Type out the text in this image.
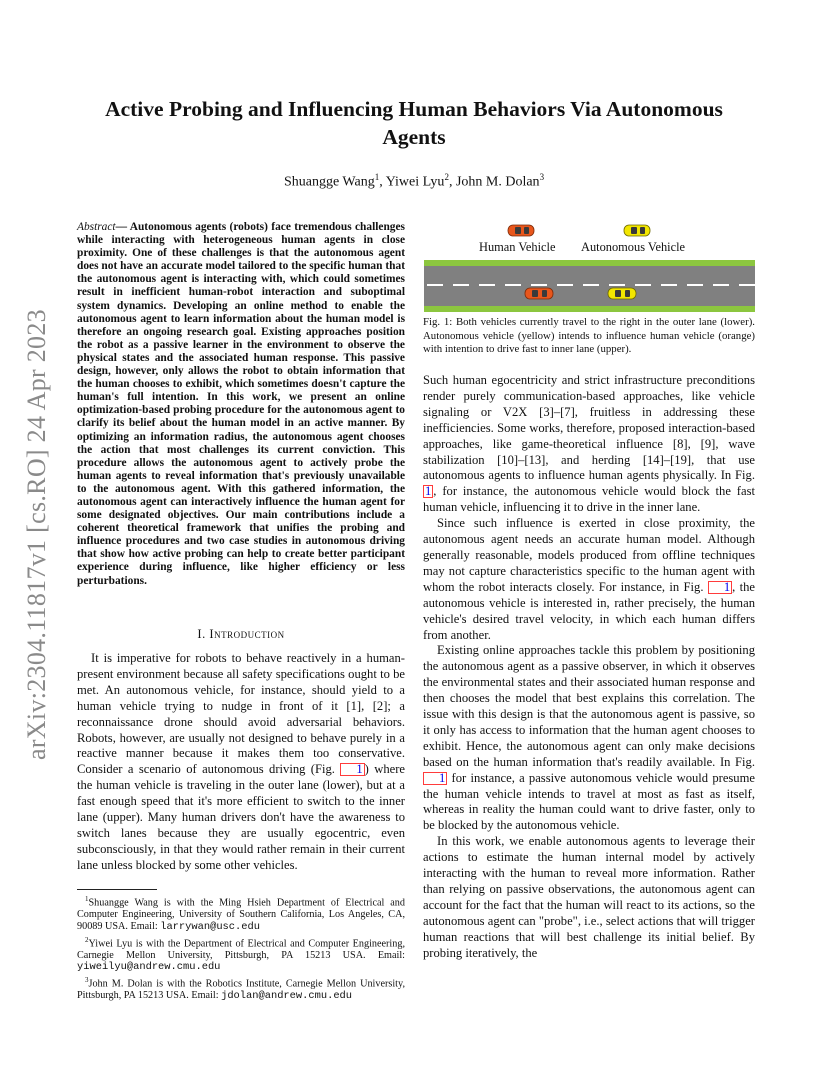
arXiv:2304.11817v1 [cs.RO] 24 Apr 2023
Active Probing and Influencing Human Behaviors Via Autonomous Agents
Shuangge Wang$^1$, Yiwei Lyu$^2$, John M. Dolan$^3$
Abstract— Autonomous agents (robots) face tremendous challenges while interacting with heterogeneous human agents in close proximity. One of these challenges is that the autonomous agent does not have an accurate model tailored to the specific human that the autonomous agent is interacting with, which could sometimes result in inefficient human-robot interaction and suboptimal system dynamics. Developing an online method to enable the autonomous agent to learn information about the human model is therefore an ongoing research goal. Existing approaches position the robot as a passive learner in the environment to observe the physical states and the associated human response. This passive design, however, only allows the robot to obtain information that the human chooses to exhibit, which sometimes doesn't capture the human's full intention. In this work, we present an online optimization-based probing procedure for the autonomous agent to clarify its belief about the human model in an active manner. By optimizing an information radius, the autonomous agent chooses the action that most challenges its current conviction. This procedure allows the autonomous agent to actively probe the human agents to reveal information that's previously unavailable to the autonomous agent. With this gathered information, the autonomous agent can interactively influence the human agent for some designated objectives. Our main contributions include a coherent theoretical framework that unifies the probing and influence procedures and two case studies in autonomous driving that show how active probing can help to create better participant experience during influence, like higher efficiency or less perturbations.
I. Introduction

It is imperative for robots to behave reactively in a human-present environment because all safety specifications ought to be met. An autonomous vehicle, for instance, should yield to a human vehicle trying to nudge in front of it [1], [2]; a reconnaissance drone should avoid adversarial behaviors. Robots, however, are usually not designed to behave purely in a reactive manner because it makes them too conservative. Consider a scenario of autonomous driving (Fig. 1 ) where the human vehicle is traveling in the outer lane (lower), but at a fast enough speed that it's more efficient to switch to the inner lane (upper). Many human drivers don't have the awareness to switch lanes because they are usually egocentric, even subconsciously, in that they would rather remain in their current lane unless blocked by some other vehicles.

$^1$Shuangge Wang is with the Ming Hsieh Department of Electrical and Computer Engineering, University of Southern California, Los Angeles, CA, 90089 USA. Email: larrywan@usc.edu

$^2$Yiwei Lyu is with the Department of Electrical and Computer Engineering, Carnegie Mellon University, Pittsburgh, PA 15213 USA. Email: yiweilyu@andrew.cmu.edu

$^3$John M. Dolan is with the Robotics Institute, Carnegie Mellon University, Pittsburgh, PA 15213 USA. Email: jdolan@andrew.cmu.edu

Human Vehicle Autonomous Vehicle
Fig. 1: Both vehicles currently travel to the right in the outer lane (lower). Autonomous vehicle (yellow) intends to influence human vehicle (orange) with intention to drive fast to inner lane (upper).

Such human egocentricity and strict infrastructure preconditions render purely communication-based approaches, like vehicle signaling or V2X [3]–[7], fruitless in addressing these inefficiencies. Some works, therefore, proposed interaction-based approaches, like game-theoretical influence [8], [9], wave stabilization [10]–[13], and herding [14]–[19], that use autonomous agents to influence human agents physically. In Fig. 1 , for instance, the autonomous vehicle would block the fast human vehicle, influencing it to drive in the inner lane.

Since such influence is exerted in close proximity, the autonomous agent needs an accurate human model. Although generally reasonable, models produced from offline techniques may not capture characteristics specific to the human agent with whom the robot interacts closely. For instance, in Fig. 1 , the autonomous vehicle is interested in, rather precisely, the human vehicle's desired travel velocity, in which each human differs from another.

Existing online approaches tackle this problem by positioning the autonomous agent as a passive observer, in which it observes the environmental states and their associated human response and then chooses the model that best explains this correlation. The issue with this design is that the autonomous agent is passive, so it only has access to information that the human agent chooses to exhibit. Hence, the autonomous agent can only make decisions based on the human information that's readily available. In Fig. 1 for instance, a passive autonomous vehicle would presume the human vehicle intends to travel at most as fast as itself, whereas in reality the human could want to drive faster, only to be blocked by the autonomous vehicle.

In this work, we enable autonomous agents to leverage their actions to estimate the human internal model by actively interacting with the human to reveal more information. Rather than relying on passive observations, the autonomous agent can account for the fact that the human will react to its actions, so the autonomous agent can "probe", i.e., select actions that will trigger human reactions that will best challenge its initial belief. By probing iteratively, the
